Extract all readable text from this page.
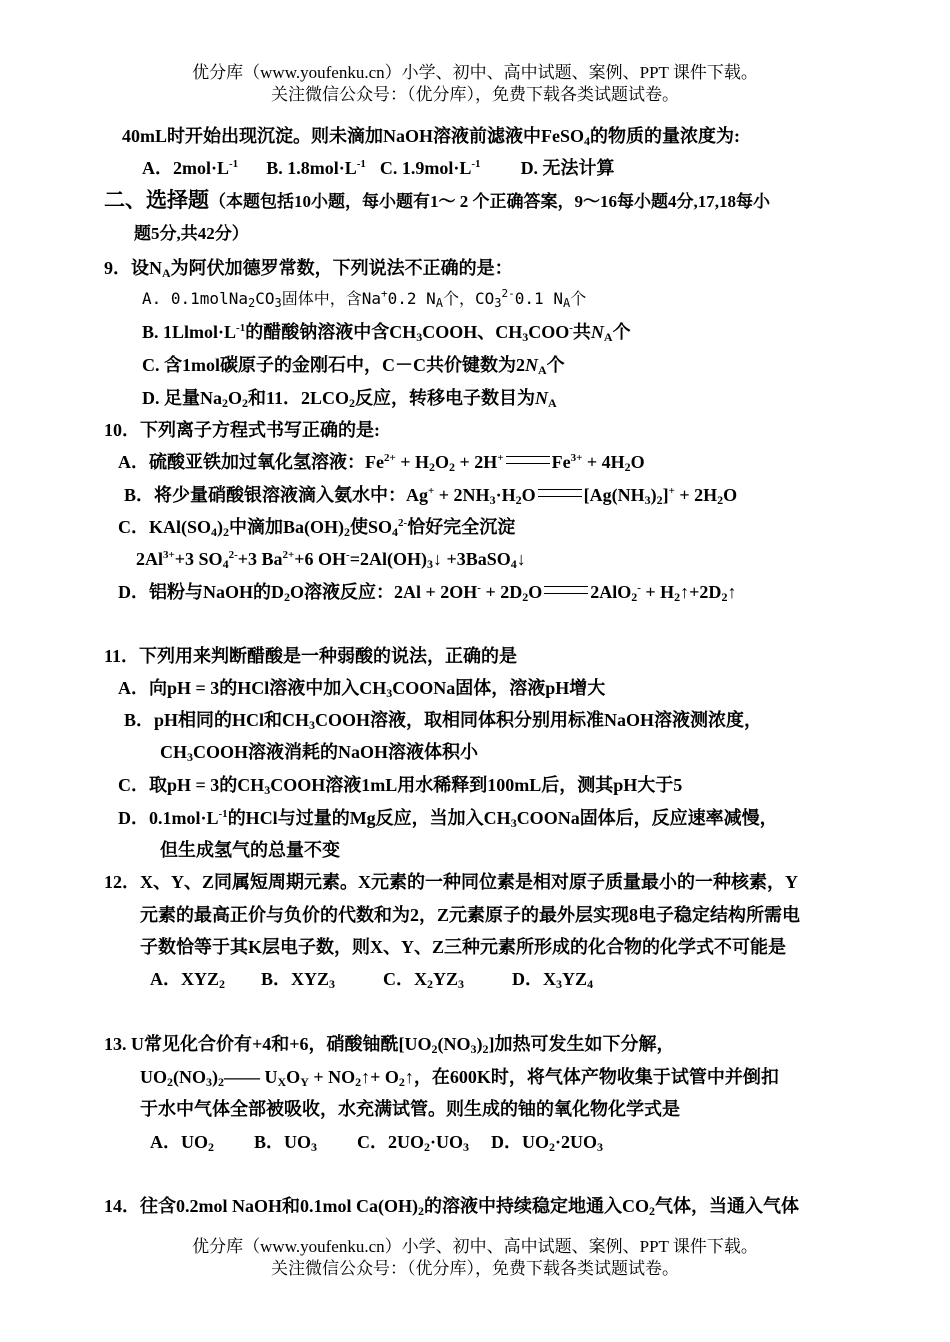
优分库（www.youfenku.cn）小学、初中、高中试题、案例、PPT 课件下载。
关注微信公众号：（优分库），免费下载各类试题试卷。
40mL时开始出现沉淀。则未滴加NaOH溶液前滤液中FeSO$_4$的物质的量浓度为:
A．$2mol\cdot L^{-1}$ B. $1.8mol\cdot L^{-1}$ C. $1.9mol\cdot L^{-1}$ D. 无法计算
二、选择题（本题包括10小题，每小题有1～ 2 个正确答案，9～16每小题4分,17,18每小
题5分,共42分）
9．设$N_A$为阿伏加德罗常数，下列说法不正确的是：
A. $0.1molNa_2CO_3$固体中，含Na+0.2 $N_A$个，$CO_3^{2-}0.1$ $N_A$个
B. $1Llmol\cdot L^{-1}$的醋酸钠溶液中含$CH_3COOH$、$CH_3COO^-$共$N_A$个
C. 含1mol碳原子的金刚石中，C－C共价键数为$2N_A$个
D. 足量$Na_2O_2$和11．$2LCO_2$反应，转移电子数目为$N_A$
10．下列离子方程式书写正确的是:
A．硫酸亚铁加过氧化氢溶液：$Fe^{2+} + H_2O_2 + 2H^+$	$Fe^{3+} + 4H_2O$
B．将少量硝酸银溶液滴入氨水中：$Ag^+ + 2NH_3\cdot H_2O$	$[Ag(NH_3)_2]^+ + 2H_2O$
C．$KAl(SO_4)_2$中滴加$Ba(OH)_2$使$SO_4^{2-}$恰好完全沉淀
$2Al^{3+}+3$ $SO_4^{2-}+3$ $Ba^{2+}+6$ $OH^-=2Al(OH)_3↓$ +3BaSO$_4$↓
D．铝粉与NaOH的$D_2O$溶液反应：$2Al + 2OH^- + 2D_2O$	$2AlO_2^- + H_2↑+2D_2↑$
11．下列用来判断醋酸是一种弱酸的说法，正确的是
A．向pH = 3的HCl溶液中加入$CH_3COONa$固体，溶液pH增大
B．pH相同的HCl和$CH_3COOH$溶液，取相同体积分别用标准NaOH溶液测浓度，
$CH_3COOH$溶液消耗的NaOH溶液体积小
C．取pH = 3的$CH_3COOH$溶液1mL用水稀释到100mL后，测其pH大于5
D．$0.1mol\cdot L^{-1}$的HCl与过量的Mg反应，当加入$CH_3COONa$固体后，反应速率减慢，
但生成氢气的总量不变
12．X、Y、Z同属短周期元素。X元素的一种同位素是相对原子质量最小的一种核素，Y
元素的最高正价与负价的代数和为2，Z元素原子的最外层实现8电子稳定结构所需电
子数恰等于其K层电子数，则X、Y、Z三种元素所形成的化合物的化学式不可能是
A．$XYZ_2$ B．$XYZ_3$	C．$X_2YZ_3$	D．$X_3YZ_4$
13. U常见化合价有+4和+6，硝酸铀酰$[UO_2(NO_3)_2]$加热可发生如下分解，
$UO_2(NO_3)_2——$ $U_XO_Y$ + $NO_2↑+$ $O_2↑$，在600K时，将气体产物收集于试管中并倒扣
于水中气体全部被吸收，水充满试管。则生成的铀的氧化物化学式是
A．$UO_2$ B．$UO_3$ C．$2UO_2\cdot UO_3$ D．$UO_2\cdot 2UO_3$
14．往含0.2mol NaOH和0.1mol $Ca(OH)_2$的溶液中持续稳定地通入$CO_2$气体，当通入气体
优分库（www.youfenku.cn）小学、初中、高中试题、案例、PPT 课件下载。
关注微信公众号：（优分库），免费下载各类试题试卷。
